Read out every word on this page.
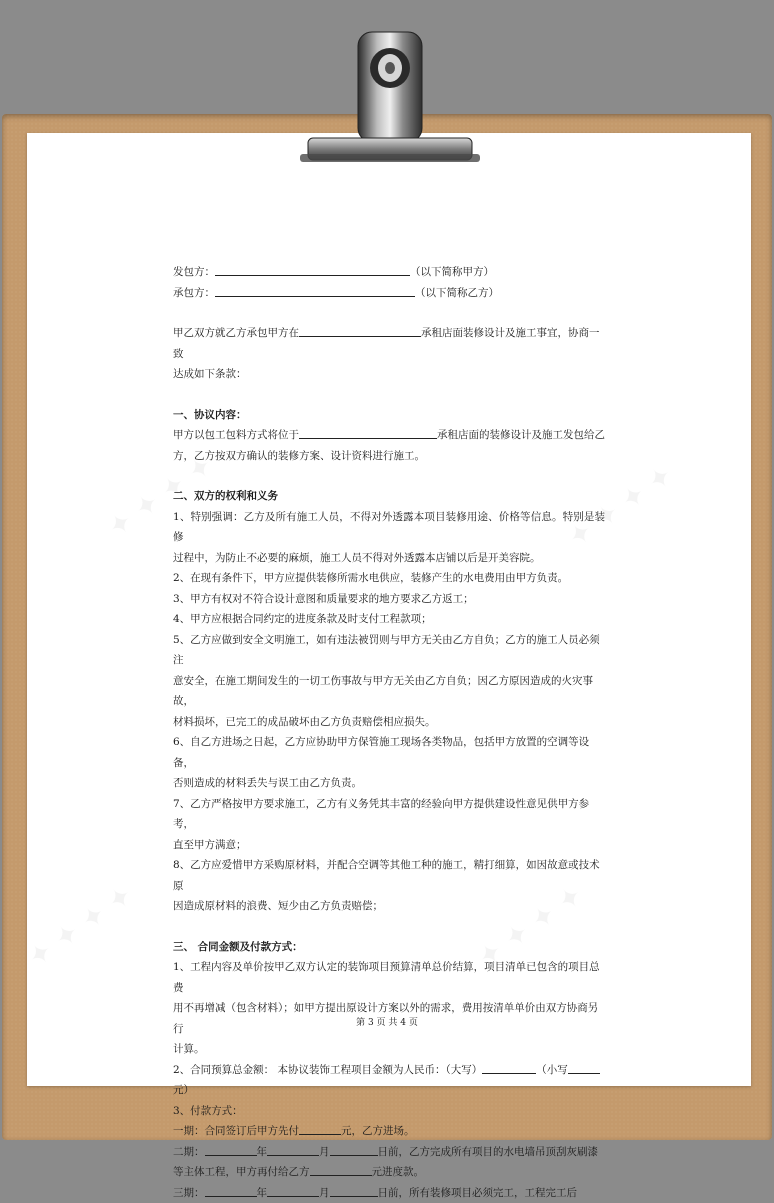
发包方：	（以下简称甲方）

承包方：	（以下简称乙方）

甲乙双方就乙方承包甲方在	承租店面装修设计及施工事宜，协商一致

达成如下条款：

一、协议内容：

甲方以包工包料方式将位于	承租店面的装修设计及施工发包给乙

方，乙方按双方确认的装修方案、设计资料进行施工。

二、双方的权利和义务

1、特别强调：乙方及所有施工人员，不得对外透露本项目装修用途、价格等信息。特别是装修

过程中，为防止不必要的麻烦，施工人员不得对外透露本店铺以后是开美容院。

2、在现有条件下，甲方应提供装修所需水电供应，装修产生的水电费用由甲方负责。

3、甲方有权对不符合设计意图和质量要求的地方要求乙方返工；

4、甲方应根据合同约定的进度条款及时支付工程款项；

5、乙方应做到安全文明施工，如有违法被罚则与甲方无关由乙方自负；乙方的施工人员必须注

意安全，在施工期间发生的一切工伤事故与甲方无关由乙方自负；因乙方原因造成的火灾事故，

材料损坏，已完工的成品破坏由乙方负责赔偿相应损失。

6、自乙方进场之日起，乙方应协助甲方保管施工现场各类物品，包括甲方放置的空调等设备，

否则造成的材料丢失与误工由乙方负责。

7、乙方严格按甲方要求施工，乙方有义务凭其丰富的经验向甲方提供建设性意见供甲方参考，

直至甲方满意；

8、乙方应爱惜甲方采购原材料，并配合空调等其他工种的施工，精打细算，如因故意或技术原

因造成原材料的浪费、短少由乙方负责赔偿；

三、 合同金额及付款方式：

1、工程内容及单价按甲乙双方认定的装饰项目预算清单总价结算，项目清单已包含的项目总费

用不再增减（包含材料）；如甲方提出原设计方案以外的需求，费用按清单单价由双方协商另行

计算。

2、合同预算总金额： 本协议装饰工程项目金额为人民币：（大写）	（小写元）

3、付款方式：

一期：合同签订后甲方先付	元，乙方进场。

二期：	年	月	日前，乙方完成所有项目的水电墙吊顶刮灰刷漆

等主体工程，甲方再付给乙方	元进度款。

三期：	年	月	日前，所有装修项目必须完工，工程完工后

第 3 页 共 4 页
